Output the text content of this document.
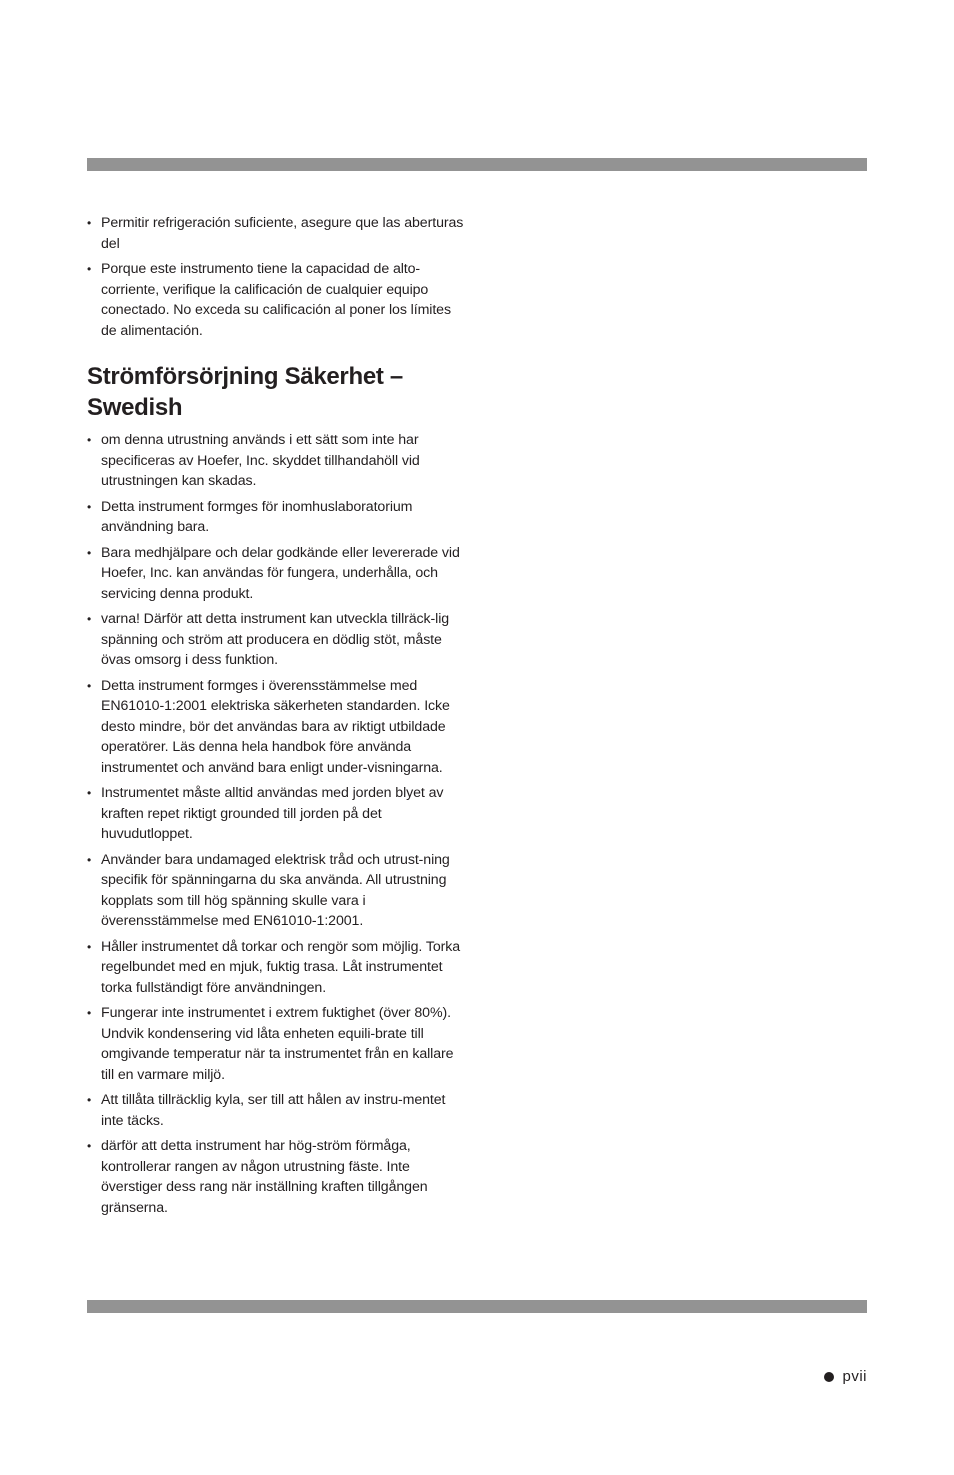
• Permitir refrigeración suficiente, asegure que las aberturas del
• Porque este instrumento tiene la capacidad de alto-corriente, verifique la calificación de cualquier equipo conectado. No exceda su calificación al poner los límites de alimentación.
Strömförsörjning Säkerhet – Swedish
• om denna utrustning används i ett sätt som inte har specificeras av Hoefer, Inc. skyddet tillhandahöll vid utrustningen kan skadas.
• Detta instrument formges för inomhuslaboratorium användning bara.
• Bara medhjälpare och delar godkände eller levererade vid Hoefer, Inc. kan användas för fungera, underhålla, och servicing denna produkt.
• varna! Därför att detta instrument kan utveckla tillräck-lig spänning och ström att producera en dödlig stöt, måste övas omsorg i dess funktion.
• Detta instrument formges i överensstämmelse med EN61010-1:2001 elektriska säkerheten standarden. Icke desto mindre, bör det användas bara av riktigt utbildade operatörer. Läs denna hela handbok före använda instrumentet och använd bara enligt under-visningarna.
• Instrumentet måste alltid användas med jorden blyet av kraften repet riktigt grounded till jorden på det huvudutloppet.
• Använder bara undamaged elektrisk tråd och utrust-ning specifik för spänningarna du ska använda. All utrustning kopplats som till hög spänning skulle vara i överensstämmelse med EN61010-1:2001.
• Håller instrumentet då torkar och rengör som möjlig. Torka regelbundet med en mjuk, fuktig trasa. Låt instrumentet torka fullständigt före användningen.
• Fungerar inte instrumentet i extrem fuktighet (över 80%). Undvik kondensering vid låta enheten equili-brate till omgivande temperatur när ta instrumentet från en kallare till en varmare miljö.
• Att tillåta tillräcklig kyla, ser till att hålen av instru-mentet inte täcks.
• därför att detta instrument har hög-ström förmåga, kontrollerar rangen av någon utrustning fäste. Inte överstiger dess rang när inställning kraften tillgången gränserna.
pvii
